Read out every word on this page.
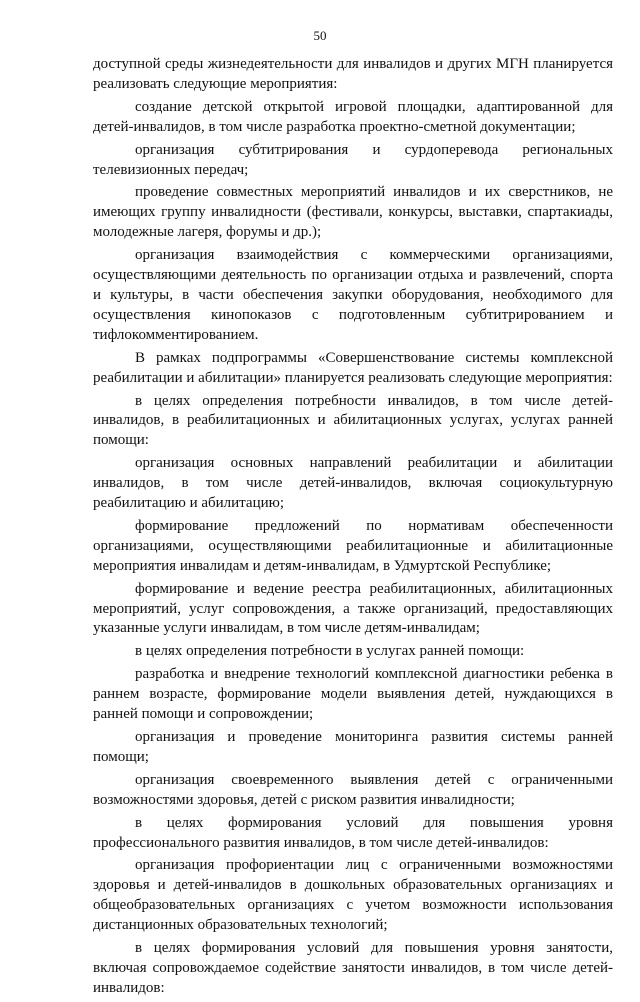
50

доступной среды жизнедеятельности для инвалидов и других МГН планируется реализовать следующие мероприятия:

создание детской открытой игровой площадки, адаптированной для детей-инвалидов, в том числе разработка проектно-сметной документации;

организация субтитрирования и сурдоперевода региональных телевизионных передач;

проведение совместных мероприятий инвалидов и их сверстников, не имеющих группу инвалидности (фестивали, конкурсы, выставки, спартакиады, молодежные лагеря, форумы и др.);

организация взаимодействия с коммерческими организациями, осуществляющими деятельность по организации отдыха и развлечений, спорта и культуры, в части обеспечения закупки оборудования, необходимого для осуществления кинопоказов с подготовленным субтитрированием и тифлокомментированием.

В рамках подпрограммы «Совершенствование системы комплексной реабилитации и абилитации» планируется реализовать следующие мероприятия:

в целях определения потребности инвалидов, в том числе детей-инвалидов, в реабилитационных и абилитационных услугах, услугах ранней помощи:

организация основных направлений реабилитации и абилитации инвалидов, в том числе детей-инвалидов, включая социокультурную реабилитацию и абилитацию;

формирование предложений по нормативам обеспеченности организациями, осуществляющими реабилитационные и абилитационные мероприятия инвалидам и детям-инвалидам, в Удмуртской Республике;

формирование и ведение реестра реабилитационных, абилитационных мероприятий, услуг сопровождения, а также организаций, предоставляющих указанные услуги инвалидам, в том числе детям-инвалидам;

в целях определения потребности в услугах ранней помощи:

разработка и внедрение технологий комплексной диагностики ребенка в раннем возрасте, формирование модели выявления детей, нуждающихся в ранней помощи и сопровождении;

организация и проведение мониторинга развития системы ранней помощи;

организация своевременного выявления детей с ограниченными возможностями здоровья, детей с риском развития инвалидности;

в целях формирования условий для повышения уровня профессионального развития инвалидов, в том числе детей-инвалидов:

организация профориентации лиц с ограниченными возможностями здоровья и детей-инвалидов в дошкольных образовательных организациях и общеобразовательных организациях с учетом возможности использования дистанционных образовательных технологий;

в целях формирования условий для повышения уровня занятости, включая сопровождаемое содействие занятости инвалидов, в том числе детей-инвалидов:
